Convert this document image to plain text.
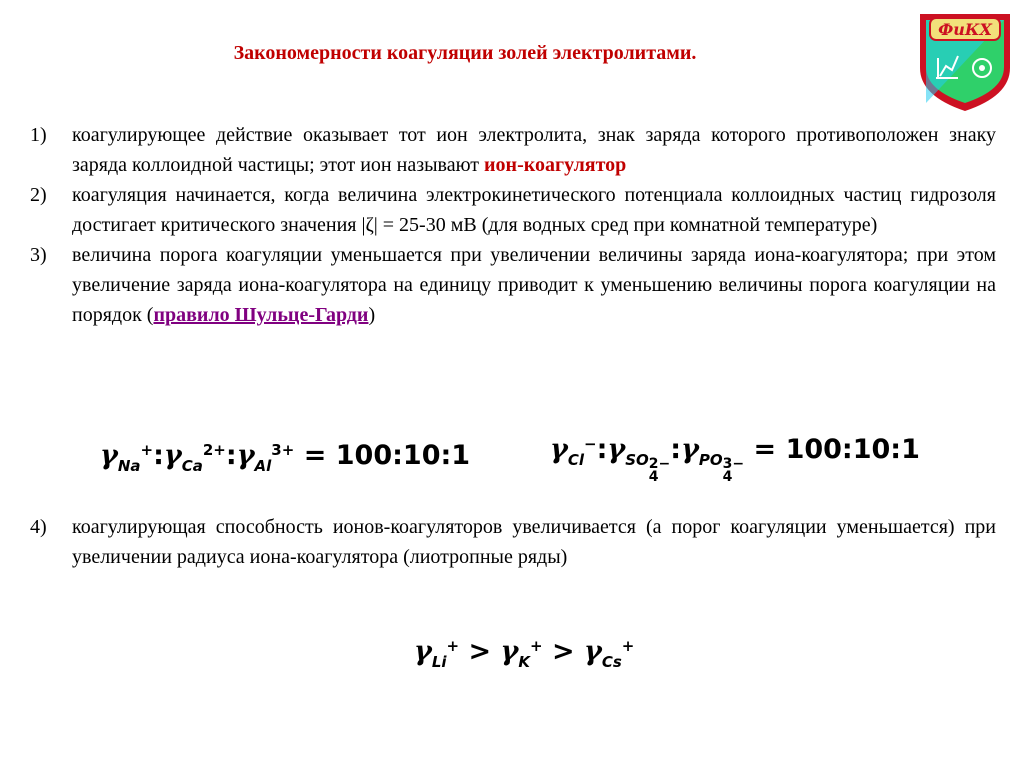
Закономерности коагуляции золей электролитами.
ФиКХ
1)	коагулирующее действие оказывает тот ион электролита, знак заряда которого противоположен знаку заряда коллоидной частицы; этот ион называют ион-коагулятор
2)	коагуляция начинается, когда величина электрокинетического потенциала коллоидных частиц гидрозоля достигает критического значения |ζ| = 25-30 мВ (для водных сред при комнатной температуре)
3)	величина порога коагуляции уменьшается при увеличении величины заряда иона-коагулятора; при этом увеличение заряда иона-коагулятора на единицу приводит к уменьшению величины порога коагуляции на порядок (правило Шульце-Гарди)
$\gamma_{Na}^+:\gamma_{Ca}^{2+}:\gamma_{Al}^{3+}$ = 100:10:1	$\gamma_{Cl}^-:\gamma_{SO}$ 2−
4
$:\gamma_{PO}$ 3−
4
= 100:10:1
4)	коагулирующая способность ионов-коагуляторов увеличивается (а порог коагуляции уменьшается) при увеличении радиуса иона-коагулятора (лиотропные ряды)
$\gamma_{Li}^+ > \gamma_K^+ > \gamma_{Cs}^+$
